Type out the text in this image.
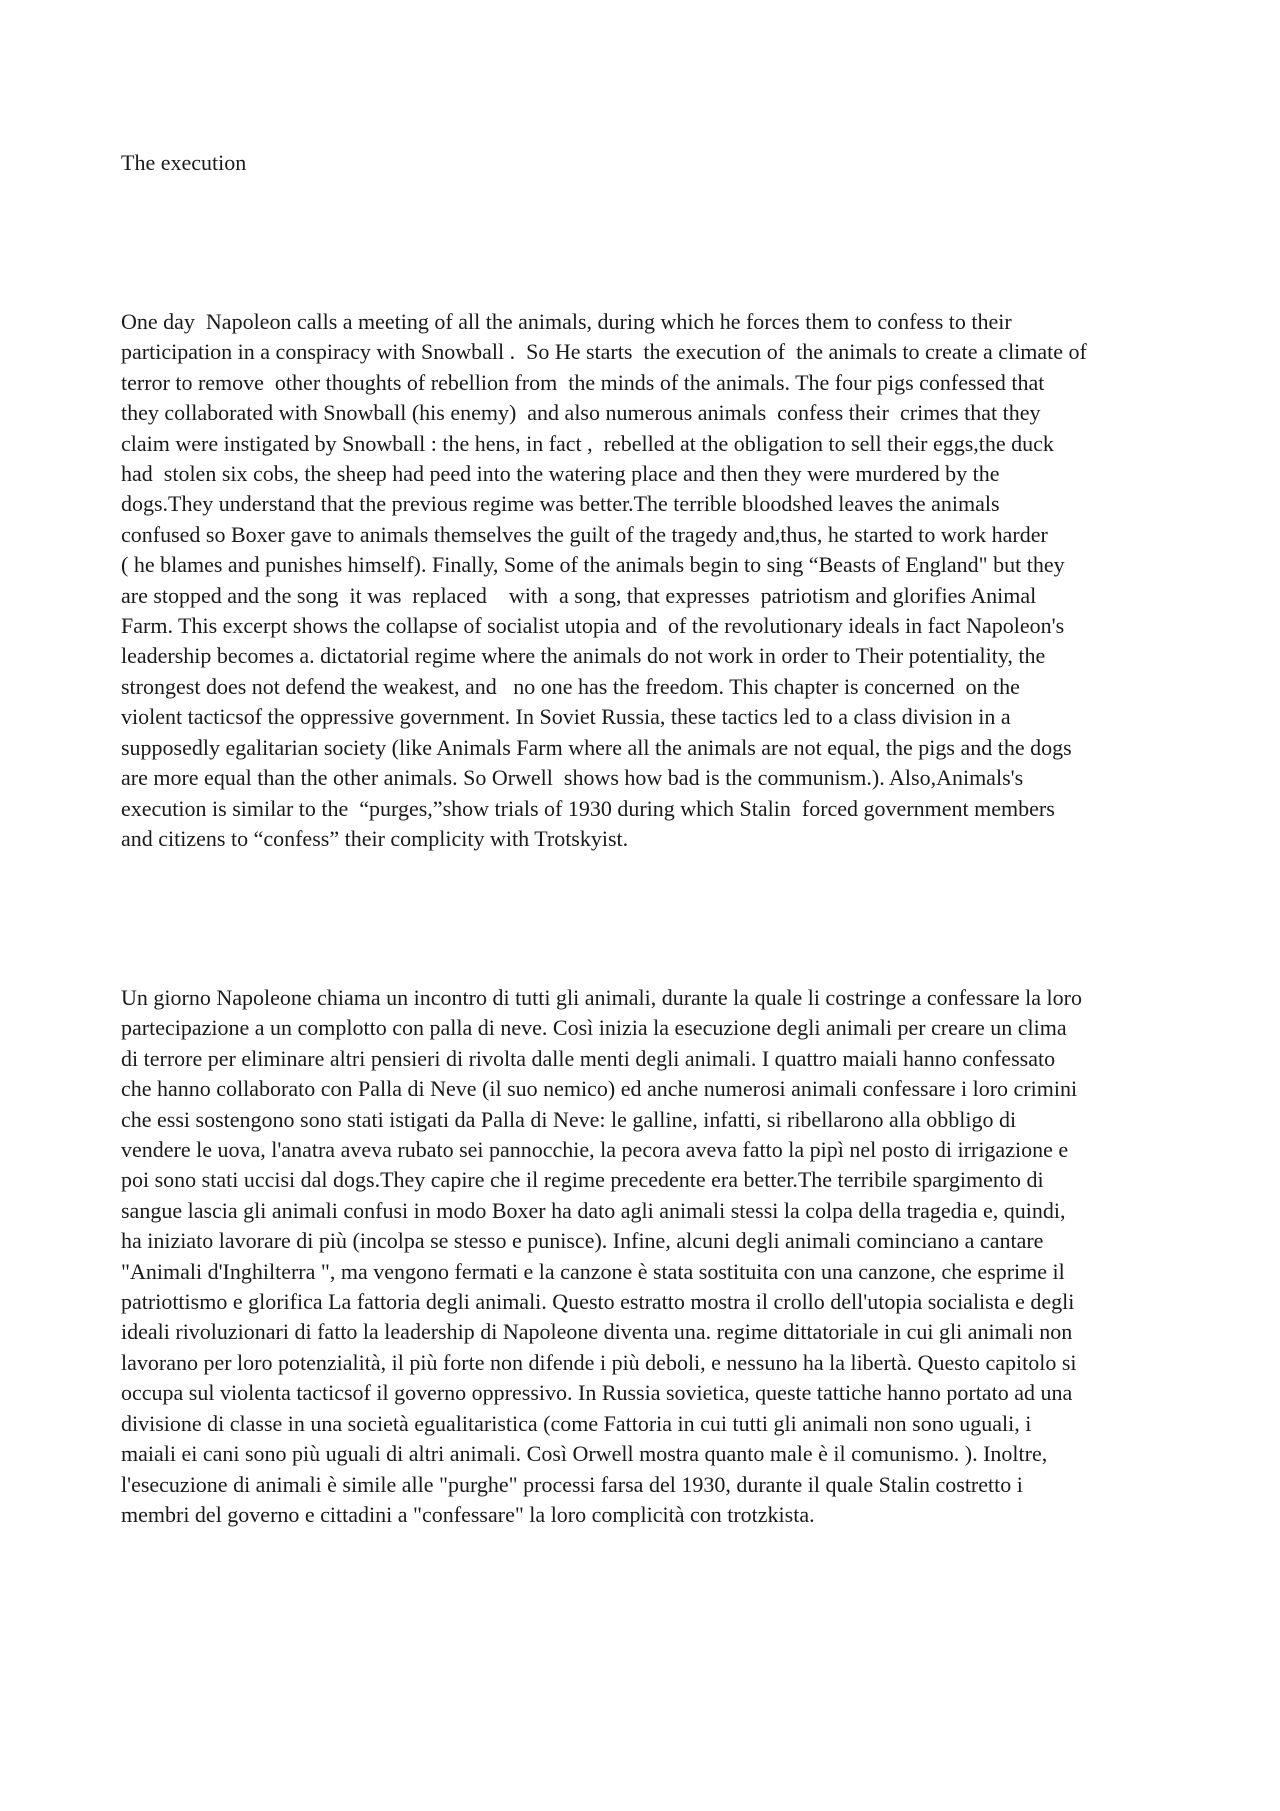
The execution
One day  Napoleon calls a meeting of all the animals, during which he forces them to confess to their
participation in a conspiracy with Snowball .  So He starts  the execution of  the animals to create a climate of
terror to remove  other thoughts of rebellion from  the minds of the animals. The four pigs confessed that
they collaborated with Snowball (his enemy)  and also numerous animals  confess their  crimes that they
claim were instigated by Snowball : the hens, in fact ,  rebelled at the obligation to sell their eggs,the duck
had  stolen six cobs, the sheep had peed into the watering place and then they were murdered by the
dogs.They understand that the previous regime was better.The terrible bloodshed leaves the animals
confused so Boxer gave to animals themselves the guilt of the tragedy and,thus, he started to work harder
( he blames and punishes himself). Finally, Some of the animals begin to sing “Beasts of England" but they
are stopped and the song  it was  replaced    with  a song, that expresses  patriotism and glorifies Animal
Farm. This excerpt shows the collapse of socialist utopia and  of the revolutionary ideals in fact Napoleon's
leadership becomes a. dictatorial regime where the animals do not work in order to Their potentiality, the
strongest does not defend the weakest, and   no one has the freedom. This chapter is concerned  on the
violent tacticsof the oppressive government. In Soviet Russia, these tactics led to a class division in a
supposedly egalitarian society (like Animals Farm where all the animals are not equal, the pigs and the dogs
are more equal than the other animals. So Orwell  shows how bad is the communism.). Also,Animals's
execution is similar to the  “purges,”show trials of 1930 during which Stalin  forced government members
and citizens to “confess” their complicity with Trotskyist.
Un giorno Napoleone chiama un incontro di tutti gli animali, durante la quale li costringe a confessare la loro
partecipazione a un complotto con palla di neve. Così inizia la esecuzione degli animali per creare un clima
di terrore per eliminare altri pensieri di rivolta dalle menti degli animali. I quattro maiali hanno confessato
che hanno collaborato con Palla di Neve (il suo nemico) ed anche numerosi animali confessare i loro crimini
che essi sostengono sono stati istigati da Palla di Neve: le galline, infatti, si ribellarono alla obbligo di
vendere le uova, l'anatra aveva rubato sei pannocchie, la pecora aveva fatto la pipì nel posto di irrigazione e
poi sono stati uccisi dal dogs.They capire che il regime precedente era better.The terribile spargimento di
sangue lascia gli animali confusi in modo Boxer ha dato agli animali stessi la colpa della tragedia e, quindi,
ha iniziato lavorare di più (incolpa se stesso e punisce). Infine, alcuni degli animali cominciano a cantare
"Animali d'Inghilterra ", ma vengono fermati e la canzone è stata sostituita con una canzone, che esprime il
patriottismo e glorifica La fattoria degli animali. Questo estratto mostra il crollo dell'utopia socialista e degli
ideali rivoluzionari di fatto la leadership di Napoleone diventa una. regime dittatoriale in cui gli animali non
lavorano per loro potenzialità, il più forte non difende i più deboli, e nessuno ha la libertà. Questo capitolo si
occupa sul violenta tacticsof il governo oppressivo. In Russia sovietica, queste tattiche hanno portato ad una
divisione di classe in una società egualitaristica (come Fattoria in cui tutti gli animali non sono uguali, i
maiali ei cani sono più uguali di altri animali. Così Orwell mostra quanto male è il comunismo. ). Inoltre,
l'esecuzione di animali è simile alle "purghe" processi farsa del 1930, durante il quale Stalin costretto i
membri del governo e cittadini a "confessare" la loro complicità con trotzkista.
